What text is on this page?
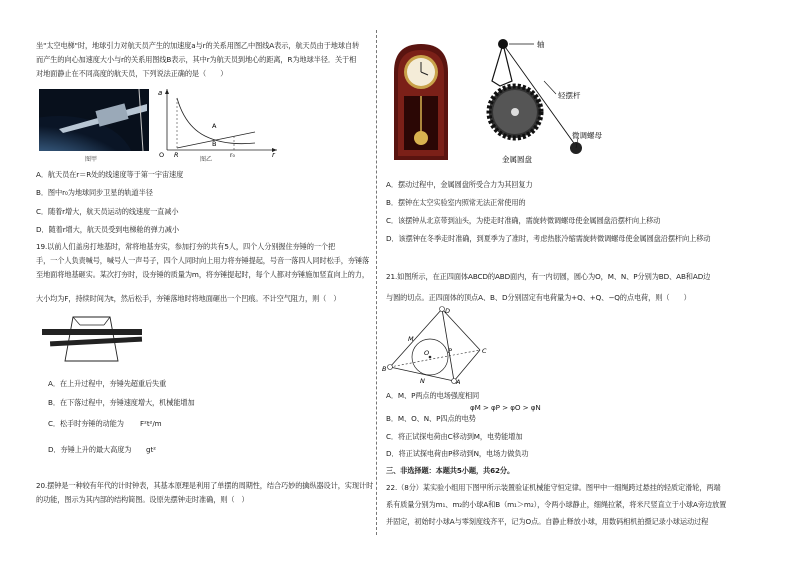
坐"太空电梯"时，地球引力对航天员产生的加速度a与r的关系用图乙中图线A表示，航天员由于地球自转
而产生的向心加速度大小与r的关系用图线B表示，其中r为航天员到地心的距离，R为地球半径．关于相
对地面静止在不同高度的航天员，下列说法正确的是（　　）
图甲
a
r
O R	r₀
A
B
图乙
A．航天员在r＝R处的线速度等于第一宇宙速度
B．图中r₀为地球同步卫星的轨道半径
C．随着r增大，航天员运动的线速度一直减小
D．随着r增大，航天员受到电梯舱的弹力减小
19.以前人们盖房打地基时，常将地基夯实，参加打夯的共有5人，四个人分别握住夯锤的一个把
手，一个人负责喊号，喊号人一声号子，四个人同时向上用力将夯锤提起，号音一落四人同时松手，夯锤落
至地面将地基砸实。某次打夯时，设夯锤的质量为m，将夯锤提起时，每个人都对夯锤施加竖直向上的力，
大小均为F，持续时间为t，然后松手，夯锤落地时将地面砸出一个凹痕。不计空气阻力，则（　）
A．在上升过程中，夯锤先超重后失重
B．在下落过程中，夯锤速度增大，机械能增加
C．松手时夯锤的动能为 F²t²/m
D．夯锤上升的最大高度为 gt²
20.摆钟是一种较有年代的计时钟表，其基本原理是利用了单摆的周期性，结合巧妙的擒纵器设计，实现计时
的功能，图示为其内部的结构简图。设原先摆钟走时准确，则（　）
轴
轻摆杆
微调螺母
金属圆盘
A．摆动过程中，金属圆盘所受合力为其回复力
B．摆钟在太空实验室内照常无法正常使用的
C．该摆钟从北京带到汕头，为使走时准确，需旋转微调螺母使金属圆盘沿摆杆向上移动
D．该摆钟在冬季走时准确，到夏季为了准时，考虑热胀冷缩需旋转微调螺母使金属圆盘沿摆杆向上移动
21.如图所示，在正四面体ABCD的ABD面内，有一内切圆，圆心为O，M、N、P分别为BD、AB和AD边
与圆的切点。正四面体的顶点A、B、D分别固定有电荷量为+Q、+Q、−Q的点电荷，则（　　）
D
B
C
A
M
N
O	P
A．M、P两点的电场强度相同
φM > φP > φO > φN
B．M、O、N、P四点的电势
C．将正试探电荷由C移动到M，电势能增加
D．将正试探电荷由P移动到N，电场力做负功
三、非选择题：本题共5小题，共62分。
22.（8分）某实验小组用下图甲所示装置验证机械能守恒定律。图甲中一细绳跨过悬挂的轻质定滑轮，两端
系有质量分别为m₁、m₂的小球A和B（m₁＞m₂），令两小球静止，细绳拉紧，将米尺竖直立于小球A旁边放置
并固定，初始时小球A与零刻度线齐平，记为O点。自静止释放小球，用数码相机拍摄记录小球运动过程
